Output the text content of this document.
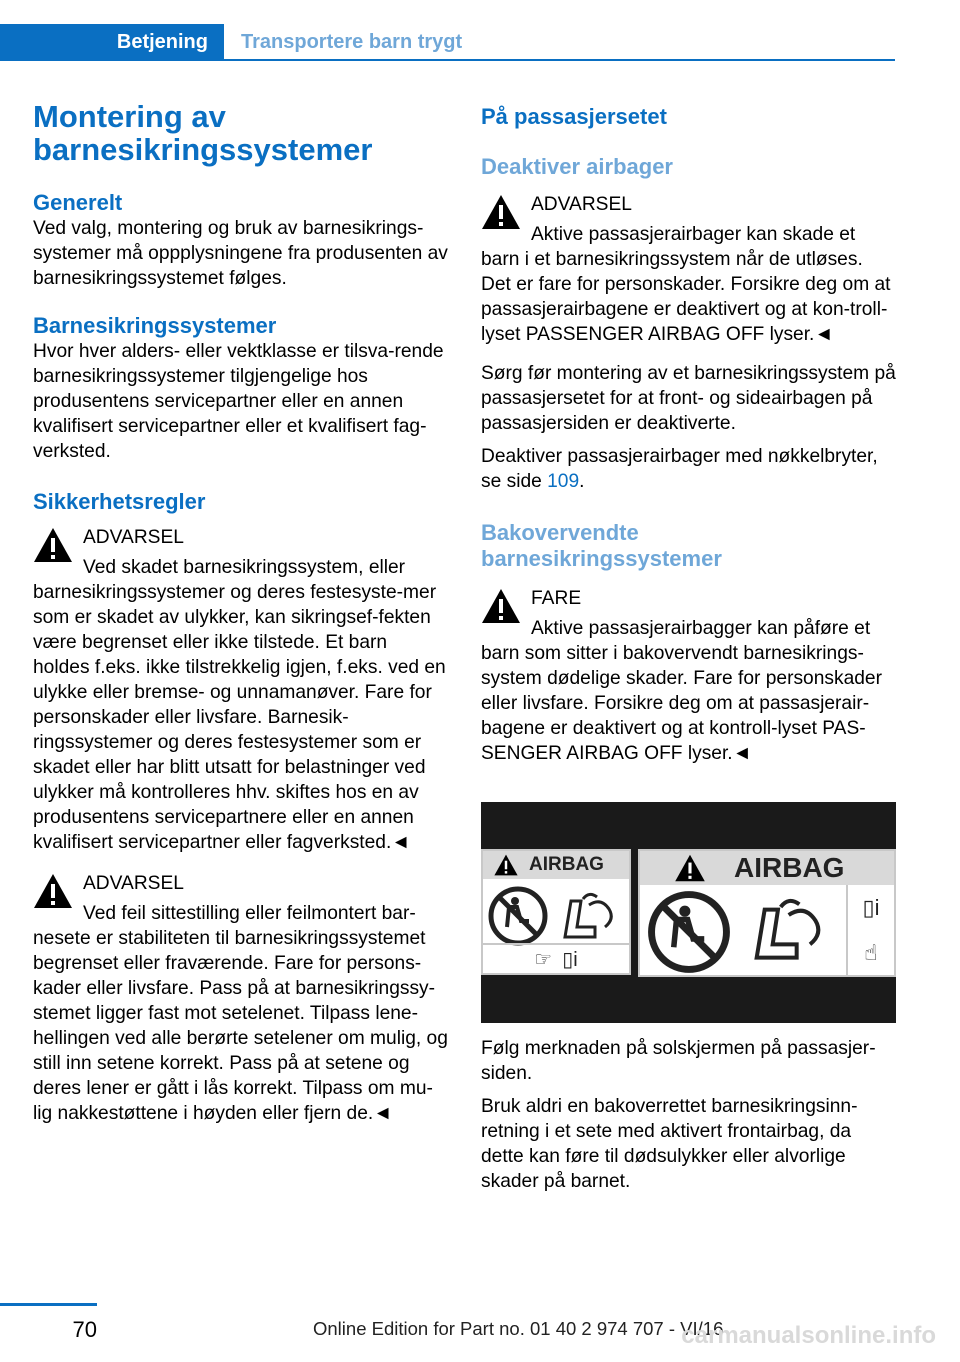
Betjening	Transportere barn trygt
Montering av barnesikringssystemer
Generelt

Ved valg, montering og bruk av barnesikrings-systemer må oppplysningene fra produsenten av barnesikringssystemet følges.

Barnesikringssystemer

Hvor hver alders- eller vektklasse er tilsva-rende barnesikringssystemer tilgjengelige hos produsentens servicepartner eller en annen kvalifisert servicepartner eller et kvalifisert fag-verksted.

Sikkerhetsregler
ADVARSEL
Ved skadet barnesikringssystem, eller

barnesikringssystemer og deres festesyste-mer som er skadet av ulykker, kan sikringsef-fekten være begrenset eller ikke tilstede. Et barn holdes f.eks. ikke tilstrekkelig igjen, f.eks. ved en ulykke eller bremse- og unnamanøver. Fare for personskader eller livsfare. Barnesik-ringssystemer og deres festesystemer som er skadet eller har blitt utsatt for belastninger ved ulykker må kontrolleres hhv. skiftes hos en av produsentens servicepartnere eller en annen kvalifisert servicepartner eller fagverksted.◄

ADVARSEL
Ved feil sittestilling eller feilmontert bar-

nesete er stabiliteten til barnesikringssystemet begrenset eller fraværende. Fare for persons-kader eller livsfare. Pass på at barnesikringssy-stemet ligger fast mot setelenet. Tilpass lene-hellingen ved alle berørte setelener om mulig, og still inn setene korrekt. Pass på at setene og deres lener er gått i lås korrekt. Tilpass om mu-lig nakkestøttene i høyden eller fjern de.◄

På passasjersetet
Deaktiver airbager
ADVARSEL
Aktive passasjerairbager kan skade et

barn i et barnesikringssystem når de utløses. Det er fare for personskader. Forsikre deg om at passasjerairbagene er deaktivert og at kon-troll-lyset PASSENGER AIRBAG OFF lyser.◄

Sørg før montering av et barnesikringssystem på passasjersetet for at front- og sideairbagen på passasjersiden er deaktiverte.

Deaktiver passasjerairbager med nøkkelbryter, se side 109.

Bakovervendte barnesikringssystemer
FARE
Aktive passasjerairbagger kan påføre et

barn som sitter i bakovervendt barnesikrings-system dødelige skader. Fare for personskader eller livsfare. Forsikre deg om at passasjerair-bagene er deaktivert og at kontroll-lyset PAS-SENGER AIRBAG OFF lyser.◄

AIRBAG
☞ ▯i
AIRBAG
▯i
☝

Følg merknaden på solskjermen på passasjer-siden.

Bruk aldri en bakoverrettet barnesikringsinn-retning i et sete med aktivert frontairbag, da dette kan føre til dødsulykker eller alvorlige skader på barnet.

70	Online Edition for Part no. 01 40 2 974 707 - VI/16
carmanualsonline.info
